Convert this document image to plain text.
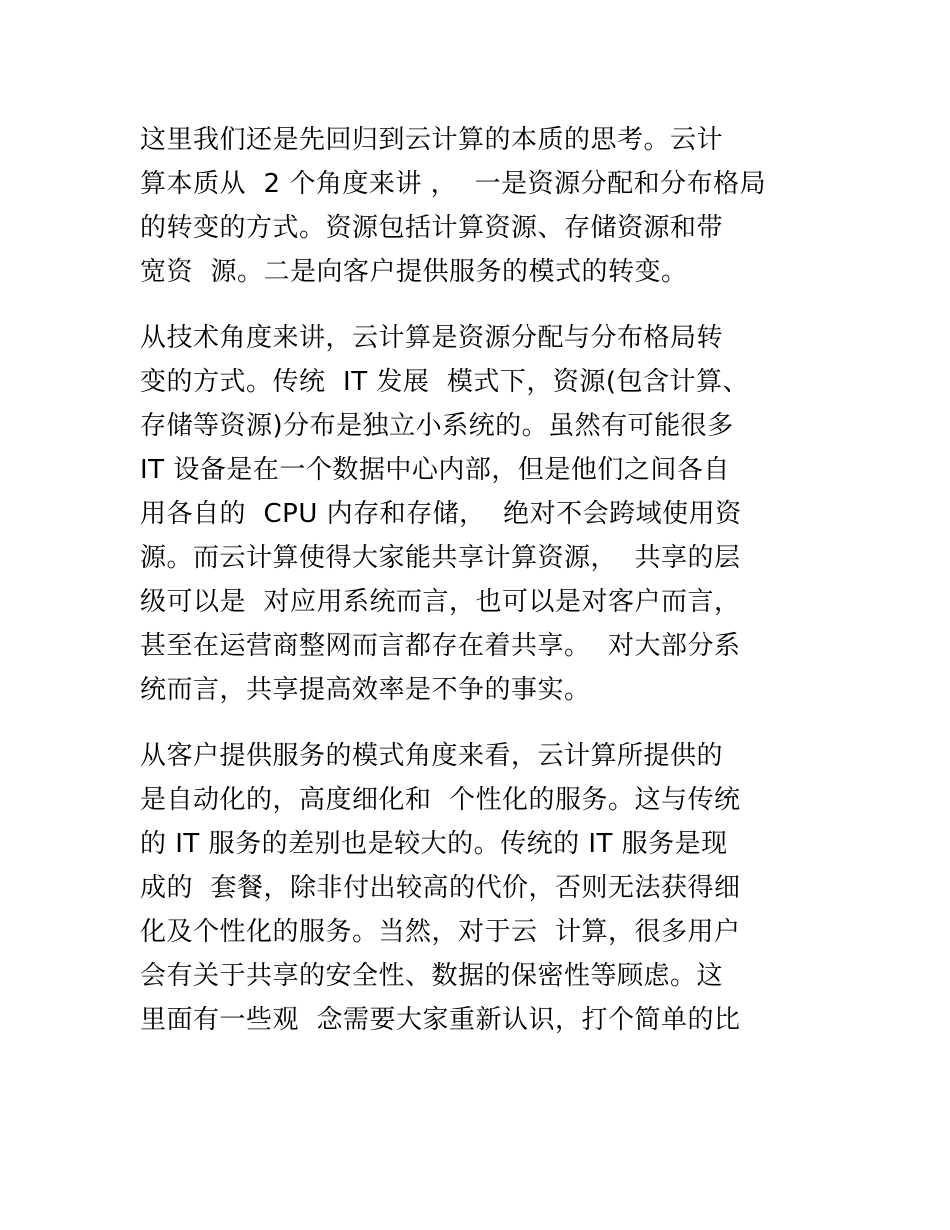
这里我们还是先回归到云计算的本质的思考。云计
算本质从  2 个角度来讲 ，  一是资源分配和分布格局
的转变的方式。资源包括计算资源、存储资源和带
宽资  源。二是向客户提供服务的模式的转变。

从技术角度来讲，云计算是资源分配与分布格局转
变的方式。传统  IT 发展  模式下，资源(包含计算、
存储等资源)分布是独立小系统的。虽然有可能很多
IT 设备是在一个数据中心内部，但是他们之间各自
用各自的  CPU 内存和存储，  绝对不会跨域使用资
源。而云计算使得大家能共享计算资源，  共享的层
级可以是  对应用系统而言，也可以是对客户而言，
甚至在运营商整网而言都存在着共享。  对大部分系
统而言，共享提高效率是不争的事实。

从客户提供服务的模式角度来看，云计算所提供的
是自动化的，高度细化和  个性化的服务。这与传统
的 IT 服务的差别也是较大的。传统的 IT 服务是现
成的  套餐，除非付出较高的代价，否则无法获得细
化及个性化的服务。当然，对于云  计算，很多用户
会有关于共享的安全性、数据的保密性等顾虑。这
里面有一些观  念需要大家重新认识，打个简单的比
